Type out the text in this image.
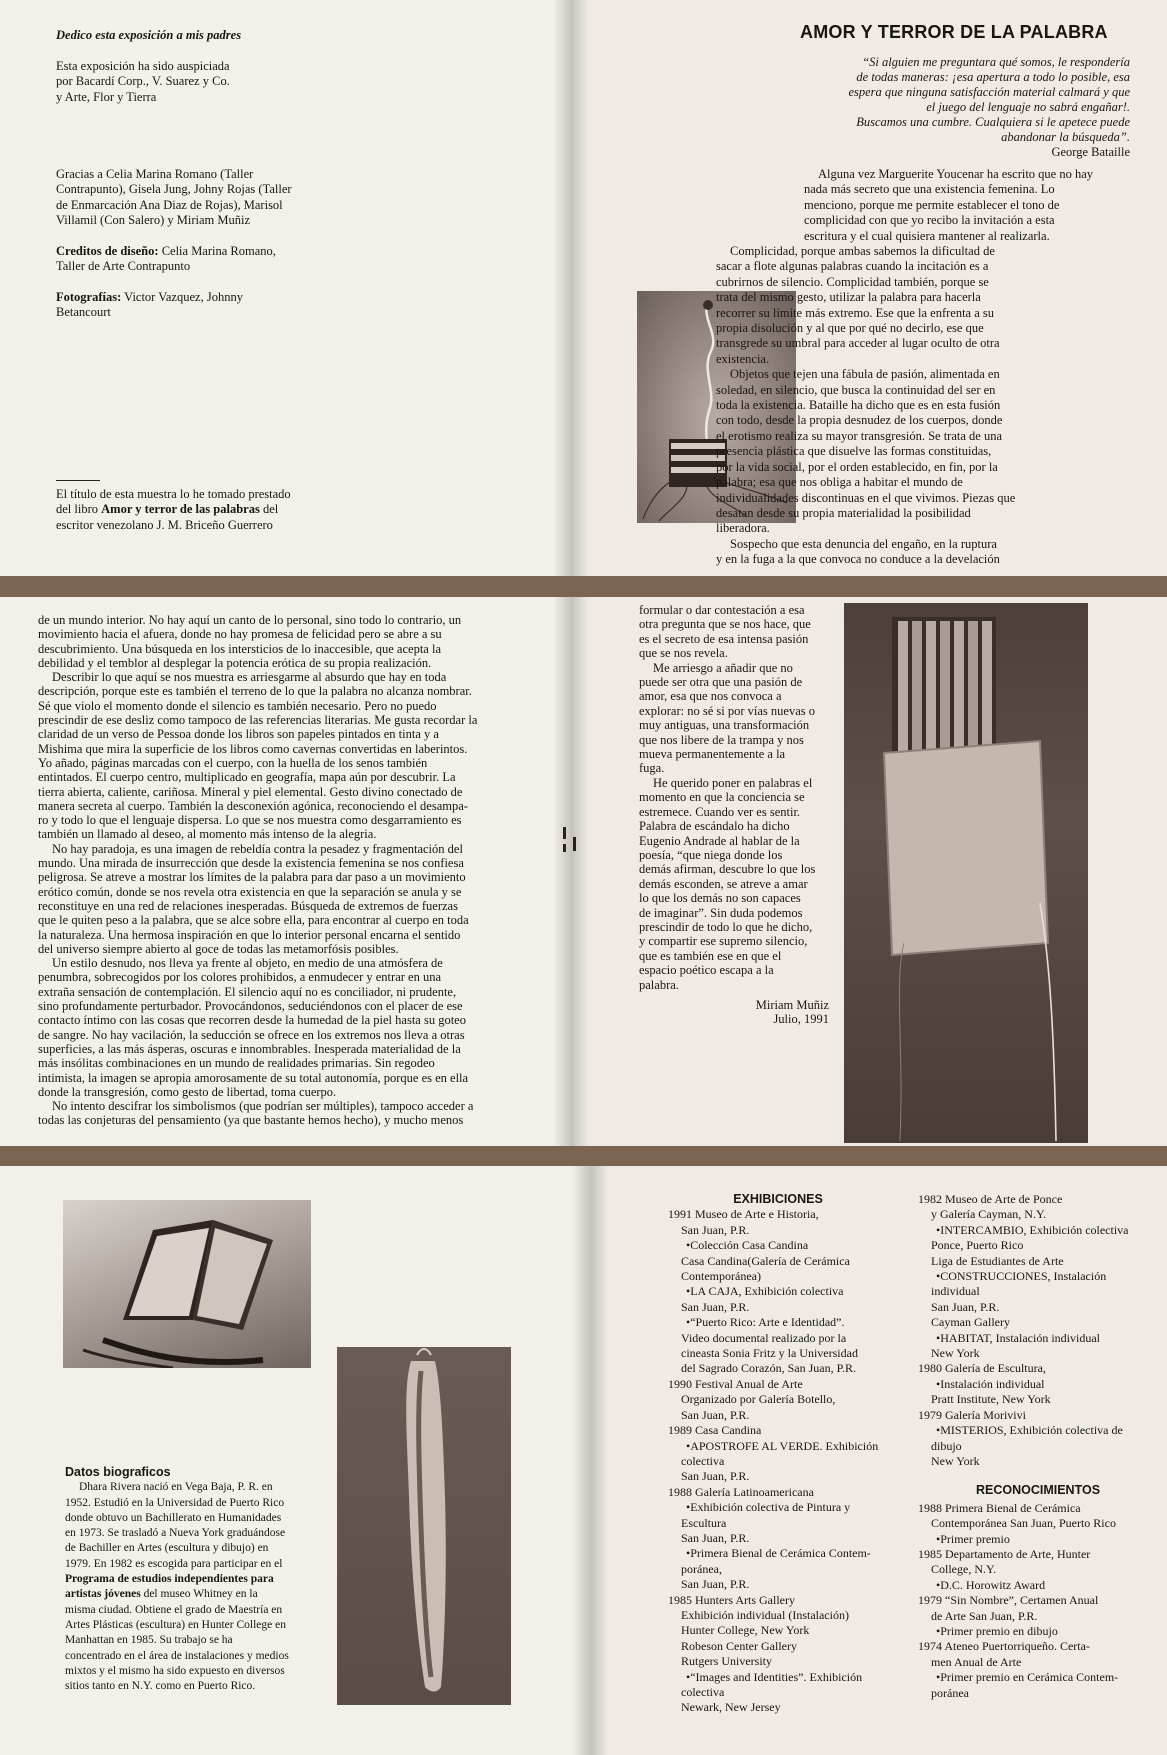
Dedico esta exposición a mis padres
Esta exposición ha sido auspiciada
por Bacardí Corp., V. Suarez y Co.
y Arte, Flor y Tierra
Gracias a Celia Marina Romano (Taller
Contrapunto), Gisela Jung, Johny Rojas (Taller
de Enmarcación Ana Diaz de Rojas), Marisol
Villamil (Con Salero) y Miriam Muñiz
Creditos de diseño: Celia Marina Romano,
Taller de Arte Contrapunto
Fotografías: Victor Vazquez, Johnny
Betancourt
El título de esta muestra lo he tomado prestado
del libro Amor y terror de las palabras del
escritor venezolano J. M. Briceño Guerrero
AMOR Y TERROR DE LA PALABRA
“Si alguien me preguntara qué somos, le respondería
de todas maneras: ¡esa apertura a todo lo posible, esa
espera que ninguna satisfacción material calmará y que
el juego del lenguaje no sabrá engañar!.
Buscamos una cumbre. Cualquiera si le apetece puede
abandonar la búsqueda”.
George Bataille
Alguna vez Marguerite Youcenar ha escrito que no hay
nada más secreto que una existencia femenina. Lo
menciono, porque me permite establecer el tono de
complicidad con que yo recibo la invitación a esta
escritura y el cual quisiera mantener al realizarla.
Complicidad, porque ambas sabemos la dificultad de
sacar a flote algunas palabras cuando la incitación es a
cubrirnos de silencio. Complicidad también, porque se
trata del mismo gesto, utilizar la palabra para hacerla
recorrer su límite más extremo. Ese que la enfrenta a su
propia disolución y al que por qué no decirlo, ese que
transgrede su umbral para acceder al lugar oculto de otra
existencia.
Objetos que tejen una fábula de pasión, alimentada en
soledad, en silencio, que busca la continuidad del ser en
toda la existencia. Bataille ha dicho que es en esta fusión
con todo, desde la propia desnudez de los cuerpos, donde
el erotismo realiza su mayor transgresión. Se trata de una
presencia plástica que disuelve las formas constituidas,
por la vida social, por el orden establecido, en fin, por la
palabra; esa que nos obliga a habitar el mundo de
individualidades discontinuas en el que vivimos. Piezas que
desatan desde su propia materialidad la posibilidad
liberadora.
Sospecho que esta denuncia del engaño, en la ruptura
y en la fuga a la que convoca no conduce a la develación
de un mundo interior. No hay aquí un canto de lo personal, sino todo lo contrario, un
movimiento hacia el afuera, donde no hay promesa de felicidad pero se abre a su
descubrimiento. Una búsqueda en los intersticios de lo inaccesible, que acepta la
debilidad y el temblor al desplegar la potencia erótica de su propia realización.
Describir lo que aquí se nos muestra es arriesgarme al absurdo que hay en toda
descripción, porque este es también el terreno de lo que la palabra no alcanza nombrar.
Sé que violo el momento donde el silencio es también necesario. Pero no puedo
prescindir de ese desliz como tampoco de las referencias literarias. Me gusta recordar la
claridad de un verso de Pessoa donde los libros son papeles pintados en tinta y a
Mishima que mira la superficie de los libros como cavernas convertidas en laberintos.
Yo añado, páginas marcadas con el cuerpo, con la huella de los senos también
entintados. El cuerpo centro, multiplicado en geografía, mapa aún por descubrir. La
tierra abierta, caliente, cariñosa. Mineral y piel elemental. Gesto divino conectado de
manera secreta al cuerpo. También la desconexión agónica, reconociendo el desampa-
ro y todo lo que el lenguaje dispersa. Lo que se nos muestra como desgarramiento es
también un llamado al deseo, al momento más intenso de la alegria.
No hay paradoja, es una imagen de rebeldía contra la pesadez y fragmentación del
mundo. Una mirada de insurrección que desde la existencia femenina se nos confiesa
peligrosa. Se atreve a mostrar los límites de la palabra para dar paso a un movimiento
erótico común, donde se nos revela otra existencia en que la separación se anula y se
reconstituye en una red de relaciones inesperadas. Búsqueda de extremos de fuerzas
que le quiten peso a la palabra, que se alce sobre ella, para encontrar al cuerpo en toda
la naturaleza. Una hermosa inspiración en que lo interior personal encarna el sentido
del universo siempre abierto al goce de todas las metamorfósis posibles.
Un estilo desnudo, nos lleva ya frente al objeto, en medio de una atmósfera de
penumbra, sobrecogidos por los colores prohibidos, a enmudecer y entrar en una
extraña sensación de contemplación. El silencio aquí no es conciliador, ni prudente,
sino profundamente perturbador. Provocándonos, seduciéndonos con el placer de ese
contacto íntimo con las cosas que recorren desde la humedad de la piel hasta su goteo
de sangre. No hay vacilación, la seducción se ofrece en los extremos nos lleva a otras
superficies, a las más ásperas, oscuras e innombrables. Inesperada materialidad de la
más insólitas combinaciones en un mundo de realidades primarias. Sin regodeo
intimista, la imagen se apropia amorosamente de su total autonomía, porque es en ella
donde la transgresión, como gesto de libertad, toma cuerpo.
No intento descifrar los simbolismos (que podrían ser múltiples), tampoco acceder a
todas las conjeturas del pensamiento (ya que bastante hemos hecho), y mucho menos
formular o dar contestación a esa
otra pregunta que se nos hace, que
es el secreto de esa intensa pasión
que se nos revela.
Me arriesgo a añadir que no
puede ser otra que una pasión de
amor, esa que nos convoca a
explorar: no sé si por vías nuevas o
muy antiguas, una transformación
que nos libere de la trampa y nos
mueva permanentemente a la
fuga.
He querido poner en palabras el
momento en que la conciencia se
estremece. Cuando ver es sentir.
Palabra de escándalo ha dicho
Eugenio Andrade al hablar de la
poesía, “que niega donde los
demás afirman, descubre lo que los
demás esconden, se atreve a amar
lo que los demás no son capaces
de imaginar”. Sin duda podemos
prescindir de todo lo que he dicho,
y compartir ese supremo silencio,
que es también ese en que el
espacio poético escapa a la
palabra.
Miriam Muñiz
Julio, 1991
Datos biograficos
Dhara Rivera nació en Vega Baja, P. R. en
1952. Estudió en la Universidad de Puerto Rico
donde obtuvo un Bachillerato en Humanidades
en 1973. Se trasladó a Nueva York graduándose
de Bachiller en Artes (escultura y dibujo) en
1979. En 1982 es escogida para participar en el
Programa de estudios independientes para
artistas jóvenes del museo Whitney en la
misma ciudad. Obtiene el grado de Maestría en
Artes Plásticas (escultura) en Hunter College en
Manhattan en 1985. Su trabajo se ha
concentrado en el área de instalaciones y medios
mixtos y el mismo ha sido expuesto en diversos
sitios tanto en N.Y. como en Puerto Rico.
EXHIBICIONES
1991 Museo de Arte e Historia,
San Juan, P.R.
•Colección Casa Candina
Casa Candina(Galería de Cerámica
Contemporánea)
•LA CAJA, Exhibición colectiva
San Juan, P.R.
•“Puerto Rico: Arte e Identidad”.
Video documental realizado por la
cineasta Sonia Fritz y la Universidad
del Sagrado Corazón, San Juan, P.R.
1990 Festival Anual de Arte
Organizado por Galería Botello,
San Juan, P.R.
1989 Casa Candina
•APOSTROFE AL VERDE. Exhibición
colectiva
San Juan, P.R.
1988 Galería Latinoamericana
•Exhibición colectiva de Pintura y
Escultura
San Juan, P.R.
•Primera Bienal de Cerámica Contem-
poránea,
San Juan, P.R.
1985 Hunters Arts Gallery
Exhibición individual (Instalación)
Hunter College, New York
Robeson Center Gallery
Rutgers University
•“Images and Identities”. Exhibición
colectiva
Newark, New Jersey
1982 Museo de Arte de Ponce
y Galería Cayman, N.Y.
•INTERCAMBIO, Exhibición colectiva
Ponce, Puerto Rico
Liga de Estudiantes de Arte
•CONSTRUCCIONES, Instalación
individual
San Juan, P.R.
Cayman Gallery
•HABITAT, Instalación individual
New York
1980 Galería de Escultura,
•Instalación individual
Pratt Institute, New York
1979 Galería Morivivi
•MISTERIOS, Exhibición colectiva de
dibujo
New York
RECONOCIMIENTOS
1988 Primera Bienal de Cerámica
Contemporánea San Juan, Puerto Rico
•Primer premio
1985 Departamento de Arte, Hunter
College, N.Y.
•D.C. Horowitz Award
1979 “Sin Nombre”, Certamen Anual
de Arte San Juan, P.R.
•Primer premio en dibujo
1974 Ateneo Puertorriqueño. Certa-
men Anual de Arte
•Primer premio en Cerámica Contem-
poránea
